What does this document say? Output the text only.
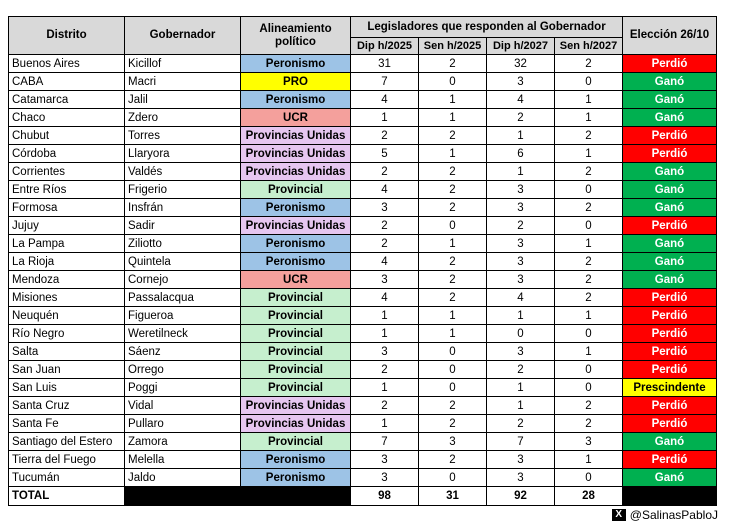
Distrito	Gobernador	Alineamiento político	Legisladores que responden al Gobernador				Elección 26/10
			Dip h/2025	Sen h/2025	Dip h/2027	Sen h/2027	
Buenos Aires	Kicillof	Peronismo	31	2	32	2	Perdió
CABA	Macri	PRO	7	0	3	0	Ganó
Catamarca	Jalil	Peronismo	4	1	4	1	Ganó
Chaco	Zdero	UCR	1	1	2	1	Ganó
Chubut	Torres	Provincias Unidas	2	2	1	2	Perdió
Córdoba	Llaryora	Provincias Unidas	5	1	6	1	Perdió
Corrientes	Valdés	Provincias Unidas	2	2	1	2	Ganó
Entre Ríos	Frigerio	Provincial	4	2	3	0	Ganó
Formosa	Insfrán	Peronismo	3	2	3	2	Ganó
Jujuy	Sadir	Provincias Unidas	2	0	2	0	Perdió
La Pampa	Ziliotto	Peronismo	2	1	3	1	Ganó
La Rioja	Quintela	Peronismo	4	2	3	2	Ganó
Mendoza	Cornejo	UCR	3	2	3	2	Ganó
Misiones	Passalacqua	Provincial	4	2	4	2	Perdió
Neuquén	Figueroa	Provincial	1	1	1	1	Perdió
Río Negro	Weretilneck	Provincial	1	1	0	0	Perdió
Salta	Sáenz	Provincial	3	0	3	1	Perdió
San Juan	Orrego	Provincial	2	0	2	0	Perdió
San Luis	Poggi	Provincial	1	0	1	0	Prescindente
Santa Cruz	Vidal	Provincias Unidas	2	2	1	2	Perdió
Santa Fe	Pullaro	Provincias Unidas	1	2	2	2	Perdió
Santiago del Estero	Zamora	Provincial	7	3	7	3	Ganó
Tierra del Fuego	Melella	Peronismo	3	2	3	1	Perdió
Tucumán	Jaldo	Peronismo	3	0	3	0	Ganó
TOTAL			98	31	92	28	
X @SalinasPabloJ
